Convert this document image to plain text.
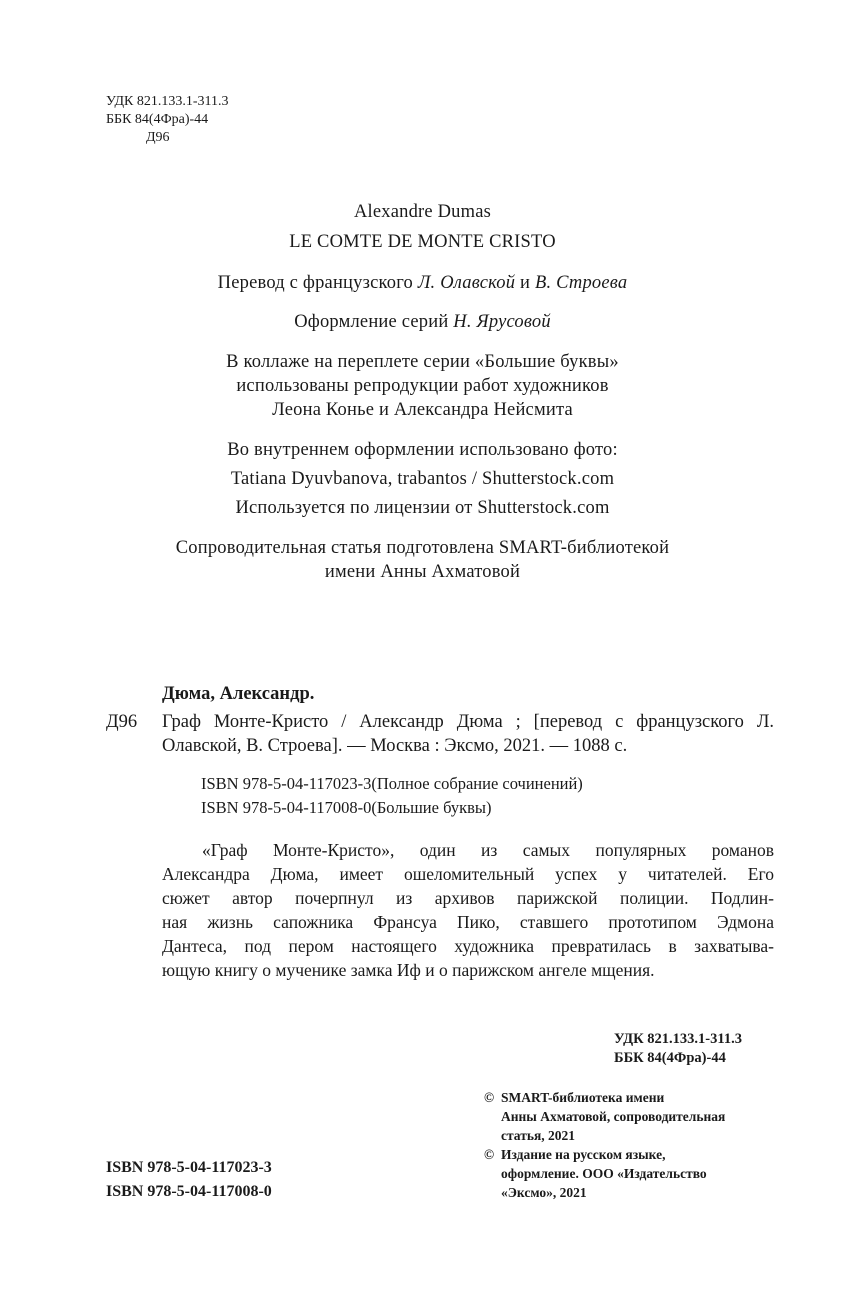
УДК 821.133.1-311.3
ББК 84(4Фра)-44
Д96
Alexandre Dumas
LE COMTE DE MONTE CRISTO
Перевод с французского Л. Олавской и В. Строева
Оформление серий Н. Ярусовой
В коллаже на переплете серии «Большие буквы»
использованы репродукции работ художников
Леона Конье и Александра Нейсмита
Во внутреннем оформлении использовано фото:
Tatiana Dyuvbanova, trabantos / Shutterstock.com
Используется по лицензии от Shutterstock.com
Сопроводительная статья подготовлена SMART-библиотекой
имени Анны Ахматовой
Дюма, Александр.
Д96 Граф Монте-Кристо / Александр Дюма ; [перевод с французского Л. Олавской, В. Строева]. — Москва : Эксмо, 2021. — 1088 с.
ISBN 978-5-04-117023-3(Полное собрание сочинений)
ISBN 978-5-04-117008-0(Большие буквы)
«Граф Монте-Кристо», один из самых популярных романов
Александра Дюма, имеет ошеломительный успех у читателей. Его
сюжет автор почерпнул из архивов парижской полиции. Подлин-
ная жизнь сапожника Франсуа Пико, ставшего прототипом Эдмона
Дантеса, под пером настоящего художника превратилась в захватыва-
ющую книгу о мученике замка Иф и о парижском ангеле мщения.
УДК 821.133.1-311.3
ББК 84(4Фра)-44
© SMART-библиотека имени
Анны Ахматовой, сопроводительная
статья, 2021
© Издание на русском языке,
оформление. ООО «Издательство
«Эксмо», 2021
ISBN 978-5-04-117023-3
ISBN 978-5-04-117008-0
